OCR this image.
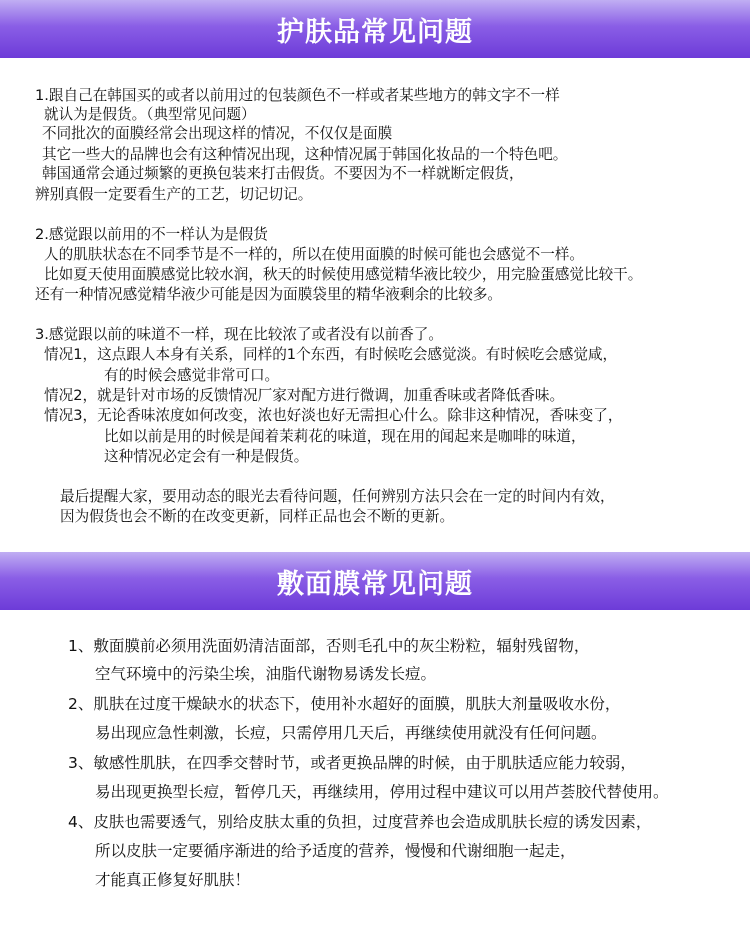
护肤品常见问题
1.跟自己在韩国买的或者以前用过的包装颜色不一样或者某些地方的韩文字不一样
就认为是假货。（典型常见问题）
不同批次的面膜经常会出现这样的情况，不仅仅是面膜
其它一些大的品牌也会有这种情况出现，这种情况属于韩国化妆品的一个特色吧。
韩国通常会通过频繁的更换包装来打击假货。不要因为不一样就断定假货，
辨别真假一定要看生产的工艺，切记切记。
2.感觉跟以前用的不一样认为是假货
人的肌肤状态在不同季节是不一样的，所以在使用面膜的时候可能也会感觉不一样。
比如夏天使用面膜感觉比较水润，秋天的时候使用感觉精华液比较少，用完脸蛋感觉比较干。
还有一种情况感觉精华液少可能是因为面膜袋里的精华液剩余的比较多。
3.感觉跟以前的味道不一样，现在比较浓了或者没有以前香了。
情况1，这点跟人本身有关系，同样的1个东西，有时候吃会感觉淡。有时候吃会感觉咸，
有的时候会感觉非常可口。
情况2，就是针对市场的反馈情况厂家对配方进行微调，加重香味或者降低香味。
情况3，无论香味浓度如何改变，浓也好淡也好无需担心什么。除非这种情况，香味变了，
比如以前是用的时候是闻着茉莉花的味道，现在用的闻起来是咖啡的味道，
这种情况必定会有一种是假货。
最后提醒大家，要用动态的眼光去看待问题，任何辨别方法只会在一定的时间内有效，
因为假货也会不断的在改变更新，同样正品也会不断的更新。
敷面膜常见问题
1、敷面膜前必须用洗面奶清洁面部，否则毛孔中的灰尘粉粒，辐射残留物，
空气环境中的污染尘埃，油脂代谢物易诱发长痘。
2、肌肤在过度干燥缺水的状态下，使用补水超好的面膜，肌肤大剂量吸收水份，
易出现应急性刺激，长痘，只需停用几天后，再继续使用就没有任何问题。
3、敏感性肌肤，在四季交替时节，或者更换品牌的时候，由于肌肤适应能力较弱，
易出现更换型长痘，暂停几天，再继续用，停用过程中建议可以用芦荟胶代替使用。
4、皮肤也需要透气，别给皮肤太重的负担，过度营养也会造成肌肤长痘的诱发因素，
所以皮肤一定要循序渐进的给予适度的营养，慢慢和代谢细胞一起走，
才能真正修复好肌肤！
